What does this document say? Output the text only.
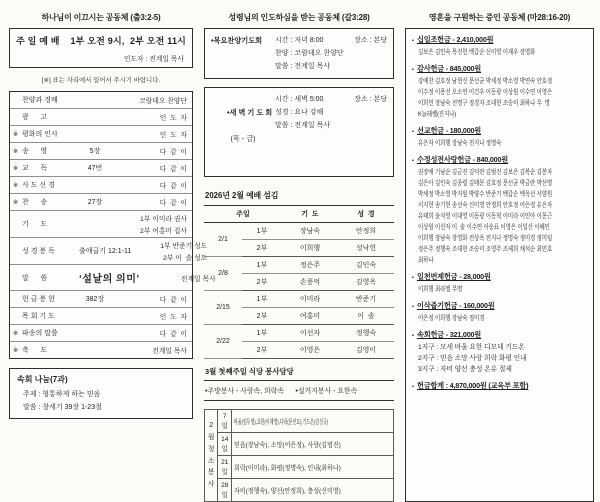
하나님이 이끄시는 공동체 (출3:2-5)
주 일 예 배    1부 오전 9시,  2부 오전 11시
인도자 : 전계일 목사
[※] 표는 자리에서 일어서 주시기 바랍니다.
찬양과 경배	코람데오 찬양단
광      고	인  도  자
※ 평화의 인사	인  도  자
※ 송      영	5장	다  같  이
※ 교      독	47번	다  같  이
※ 사 도 신 경	다  같  이
※ 찬      송	27장	다  같  이
기      도
1부 이미라 권사
2부 여홍미 집사
성 경 봉 독	출애굽기 12:1-11
1부 반준기 성도
2부 이  솔 성도
말      씀	‘설날의 의미’	전계일 목사
헌 금 봉 헌	382장	다  같  이
목 회 기 도	인  도  자
※ 파송의 말씀	다  같  이
※ 축      도	전계일 목사
속회 나눔(7과)
주제 : 형통하게 하는 믿음
말씀 : 창세기 39장 1-23절
성령님의 인도하심을 받는 공동체 (갈3:28)
•목요찬양기도회	시간 : 저녁 8:00	장소 : 본당
찬양 : 코람데오 찬양단
말씀 : 전계일 목사

•새 벽 기 도 회

(목 - 금)

시간 : 새벽 5:00	장소 : 본당
성경 : 요나 강해
말씀 : 전계일 목사
2026년 2월 예배 섬김
주일		기  도	성  경
2/1	1부	장남숙	안정희
	2부	이희행	성낙헌
2/8	1부	정은주	김인숙
	2부	손풍억	김영옥
2/15	1부	이미라	반준기
	2부	여홍미	이  솔
2/22	1부	이선자	정행숙
	2부	이영은	김영이
3월 첫째주일 식당 봉사담당
•주방봉사 - 사랑속, 희락속      •설거지봉사 - 요한속
2월
청소
봉사	7일	바울(임두영),요한(이재영),다락(문선묘),기드온(강성규)
	14일	믿음(장남숙), 소망(어은정), 사랑(김범진)
	21일	희락(이미라), 화평(정명숙), 인내(최하나)
	28일	자비(정행숙), 양선(안정희), 충성(신미영)
영혼을 구원하는 증인 공동체 (마28:16-20)
▪ 십일조헌금 - 2,410,000원
김보은 김민숙 목진헌 백갑순 신미영 이재우 장영화
▪ 감사헌금 - 845,000원
강예찬 김호정 남현신 문선균 박세정 박소영 박연숙 안호정
이수정 이용선 오소연 이건우 이동광 이상원 이수연 이영은
이희민 장남숙 전명구 정경자 조대현 조승미 최하나 무  명
K늘래쎌(진지나)
▪ 선교헌금 - 180,000원
유은자 이희행 장남숙 전지나 정명숙
▪ 수정성전사랑헌금 - 840,000원
권장애 기남순 김금진 김덕란 김범진 김보은 김복순 김봉자
김은아 김인숙 김종렬 김태문 김호정 문선균 박금란 박선명
박세정 박소영 박지원 박양수 반준기 백갑순 백옥선 서양원
서지현 송기현 송선숙 신미영 안정희 안호정 어은정 유은자
유태희 윤석영 이대영 이동광 이동혁 이미라 이민아 이몽근
이상원 이선자 이  솔 이수연 이승표 이영은 이일산 이혜인
이희행 장남숙 장영화 전상옥 전지나 정명숙 정미경 정미임
정은주 정행숙 조대현 조승미 조영주 조제희 채석순 최민호
최하나
▪ 일천번제헌금 - 28,000원
이희행 최라엘 무명
▪ 이삭줍기헌금 - 160,000원
어은정 이희행 장남숙 정미경
▪ 속회헌금 - 321,000원
1지구 : 모세 바울 요한 디모데 기드온
2지구 : 믿음 소망 사랑 희락 화평 인내
3지구 : 자비 양선 충성 온유 절제
▪ 헌금합계 : 4,870,000원 (교육부 포함)
